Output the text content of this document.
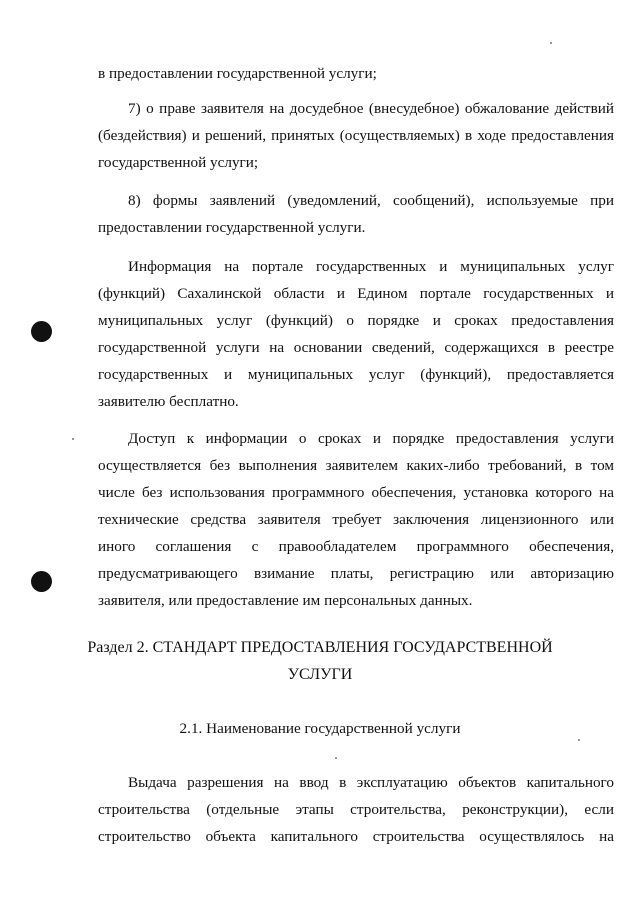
в предоставлении государственной услуги;
7) о праве заявителя на досудебное (внесудебное) обжалование действий
(бездействия) и решений, принятых (осуществляемых) в ходе предоставления
государственной услуги;
8) формы заявлений (уведомлений, сообщений), используемые при
предоставлении государственной услуги.
Информация на портале государственных и муниципальных услуг
(функций) Сахалинской области и Едином портале государственных и
муниципальных услуг (функций) о порядке и сроках предоставления
государственной услуги на основании сведений, содержащихся в реестре
государственных и муниципальных услуг (функций), предоставляется
заявителю бесплатно.
Доступ к информации о сроках и порядке предоставления услуги
осуществляется без выполнения заявителем каких-либо требований, в том
числе без использования программного обеспечения, установка которого на
технические средства заявителя требует заключения лицензионного или
иного соглашения с правообладателем программного обеспечения,
предусматривающего взимание платы, регистрацию или авторизацию
заявителя, или предоставление им персональных данных.
Раздел 2. СТАНДАРТ ПРЕДОСТАВЛЕНИЯ ГОСУДАРСТВЕННОЙ
УСЛУГИ
2.1. Наименование государственной услуги
Выдача разрешения на ввод в эксплуатацию объектов капитального
строительства (отдельные этапы строительства, реконструкции), если
строительство объекта капитального строительства осуществлялось на
